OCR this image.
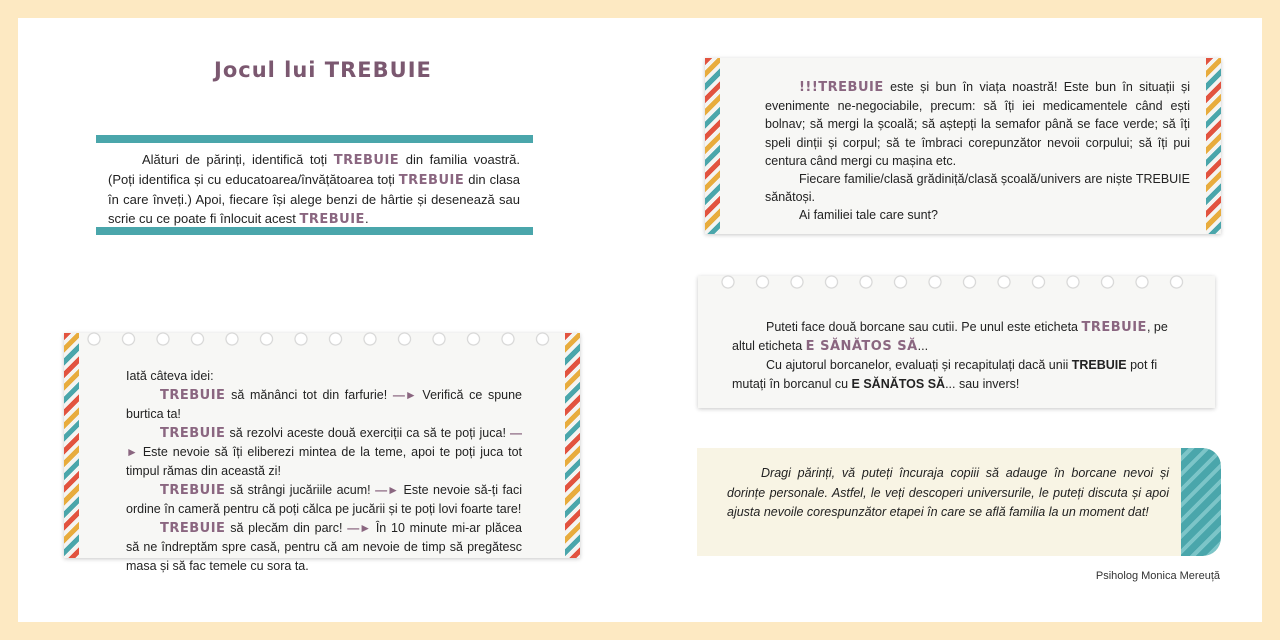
Jocul lui TREBUIE
Alături de părinți, identifică toți TREBUIE din familia voastră. (Poți identifica și cu educatoarea/învățătoarea toți TREBUIE din clasa în care înveți.) Apoi, fiecare își alege benzi de hârtie și desenează sau scrie cu ce poate fi înlocuit acest TREBUIE.

!!!TREBUIE este și bun în viața noastră! Este bun în situații și evenimente ne-negociabile, precum: să îți iei medicamentele când ești bolnav; să mergi la școală; să aștepți la semafor până se face verde; să îți speli dinții și corpul; să te îmbraci corepunzător nevoii corpului; să îți pui centura când mergi cu mașina etc.

Fiecare familie/clasă grădiniță/clasă școală/univers are niște TREBUIE sănătoși.

Ai familiei tale care sunt?

Puteti face două borcane sau cutii. Pe unul este eticheta TREBUIE, pe altul eticheta E SĂNĂTOS SĂ...

Cu ajutorul borcanelor, evaluați și recapitulați dacă unii TREBUIE pot fi mutați în borcanul cu E SĂNĂTOS SĂ... sau invers!

Iată câteva idei:

TREBUIE să mănânci tot din farfurie! —► Verifică ce spune burtica ta!

TREBUIE să rezolvi aceste două exerciții ca să te poți juca! —► Este nevoie să îți eliberezi mintea de la teme, apoi te poți juca tot timpul rămas din această zi!

TREBUIE să strângi jucăriile acum! —► Este nevoie să-ți faci ordine în cameră pentru că poți călca pe jucării și te poți lovi foarte tare!

TREBUIE să plecăm din parc! —► În 10 minute mi-ar plăcea să ne îndreptăm spre casă, pentru că am nevoie de timp să pregătesc masa și să fac temele cu sora ta.

Dragi părinți, vă puteți încuraja copiii să adauge în borcane nevoi și dorințe personale. Astfel, le veți descoperi universurile, le puteți discuta și apoi ajusta nevoile corespunzător etapei în care se află familia la un moment dat!
Psiholog Monica Mereuță
